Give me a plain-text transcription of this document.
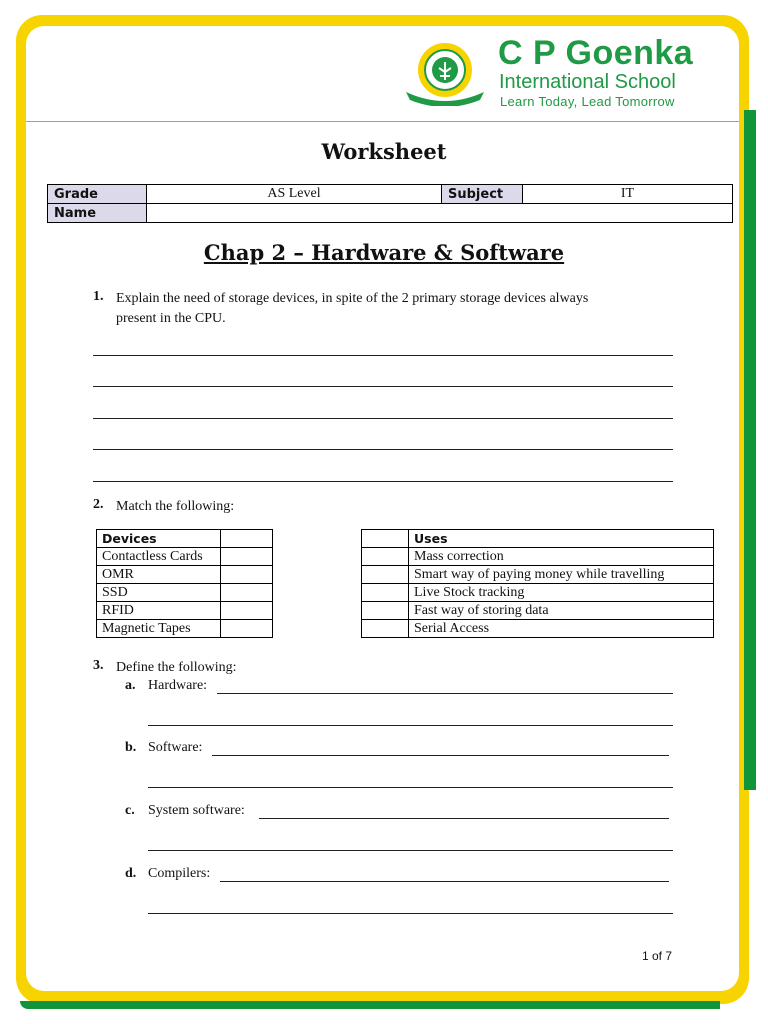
C P Goenka
International School
Learn Today, Lead Tomorrow
Worksheet
Grade	AS Level	Subject	IT
Name			
Chap 2 – Hardware & Software
1. Explain the need of storage devices, in spite of the 2 primary storage devices always
present in the CPU.
2. Match the following:
Devices	
Contactless Cards	
OMR	
SSD	
RFID	
Magnetic Tapes	
	Uses
	Mass correction
	Smart way of paying money while travelling
	Live Stock tracking
	Fast way of storing data
	Serial Access
3. Define the following:
a. Hardware:
b. Software:
c. System software:
d. Compilers:
1 of 7
